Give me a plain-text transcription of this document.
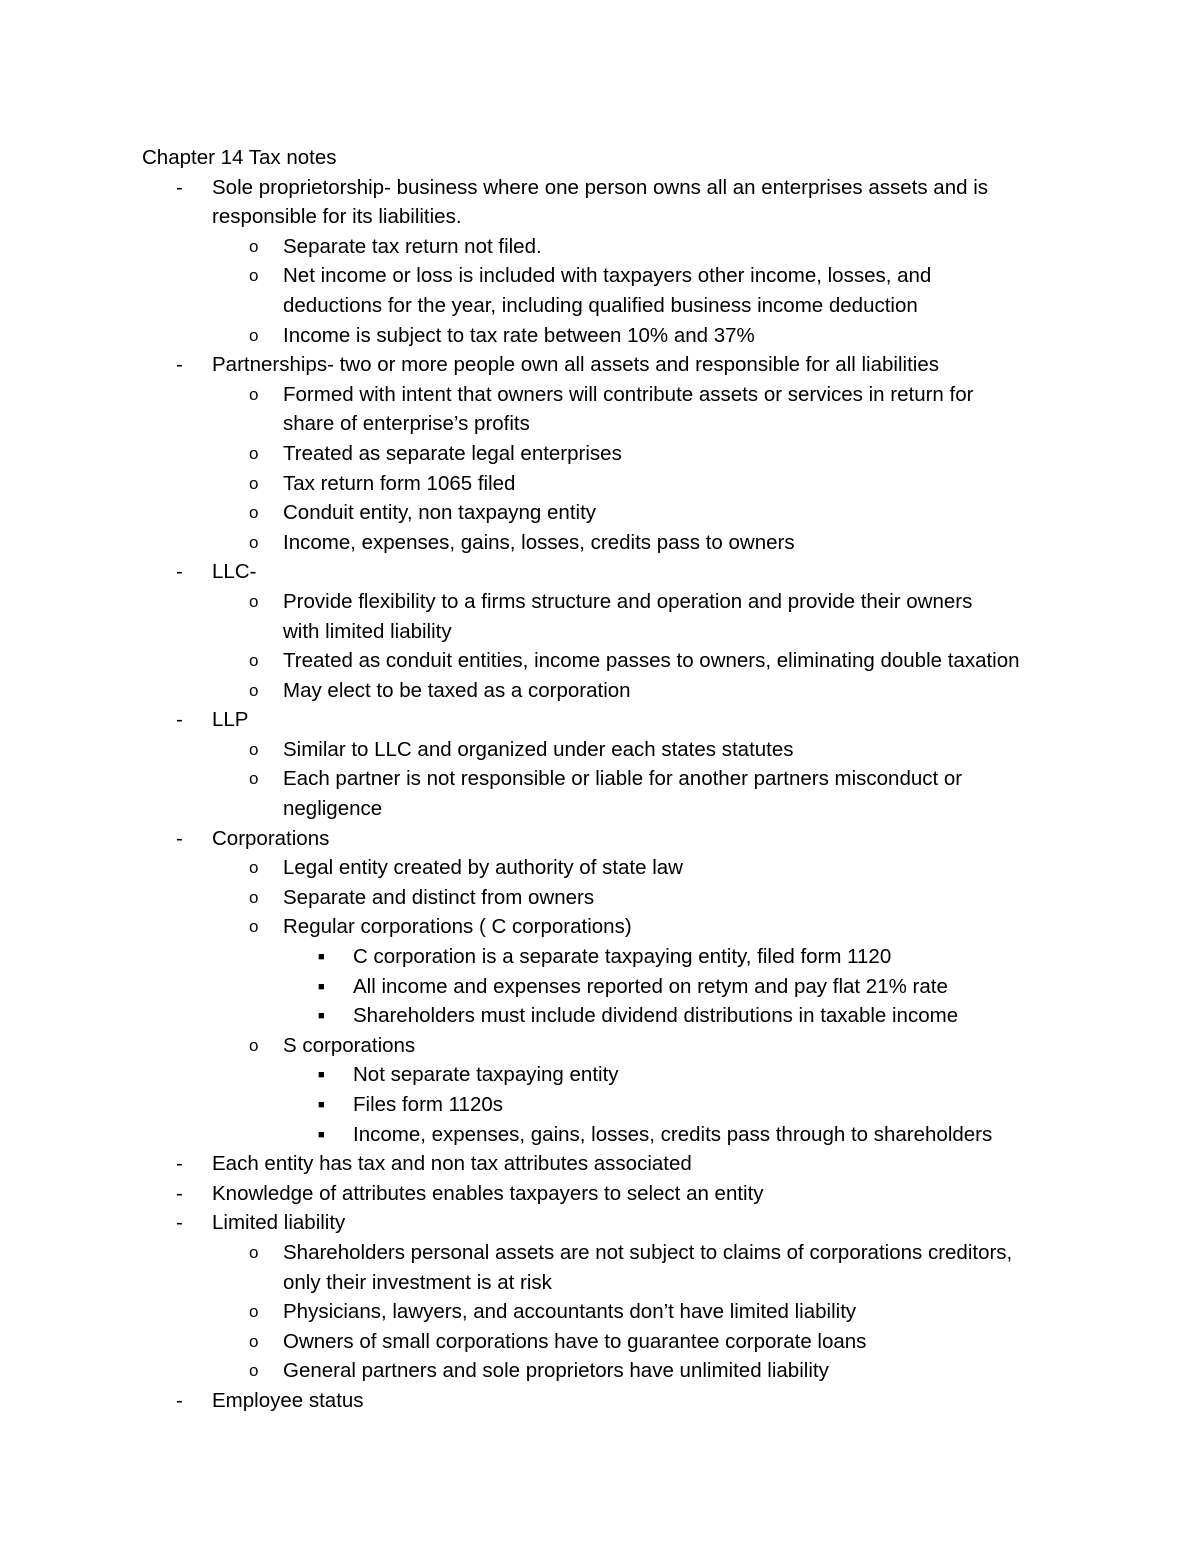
Chapter 14 Tax notes
- Sole proprietorship- business where one person owns all an enterprises assets and is
responsible for its liabilities.
o Separate tax return not filed.
o Net income or loss is included with taxpayers other income, losses, and
deductions for the year, including qualified business income deduction
o Income is subject to tax rate between 10% and 37%
- Partnerships- two or more people own all assets and responsible for all liabilities
o Formed with intent that owners will contribute assets or services in return for
share of enterprise’s profits
o Treated as separate legal enterprises
o Tax return form 1065 filed
o Conduit entity, non taxpayng entity
o Income, expenses, gains, losses, credits pass to owners
- LLC-
o Provide flexibility to a firms structure and operation and provide their owners
with limited liability
o Treated as conduit entities, income passes to owners, eliminating double taxation
o May elect to be taxed as a corporation
- LLP
o Similar to LLC and organized under each states statutes
o Each partner is not responsible or liable for another partners misconduct or
negligence
- Corporations
o Legal entity created by authority of state law
o Separate and distinct from owners
o Regular corporations ( C corporations)
■ C corporation is a separate taxpaying entity, filed form 1120
■ All income and expenses reported on retym and pay flat 21% rate
■ Shareholders must include dividend distributions in taxable income
o S corporations
■ Not separate taxpaying entity
■ Files form 1120s
■ Income, expenses, gains, losses, credits pass through to shareholders
- Each entity has tax and non tax attributes associated
- Knowledge of attributes enables taxpayers to select an entity
- Limited liability
o Shareholders personal assets are not subject to claims of corporations creditors,
only their investment is at risk
o Physicians, lawyers, and accountants don’t have limited liability
o Owners of small corporations have to guarantee corporate loans
o General partners and sole proprietors have unlimited liability
- Employee status
